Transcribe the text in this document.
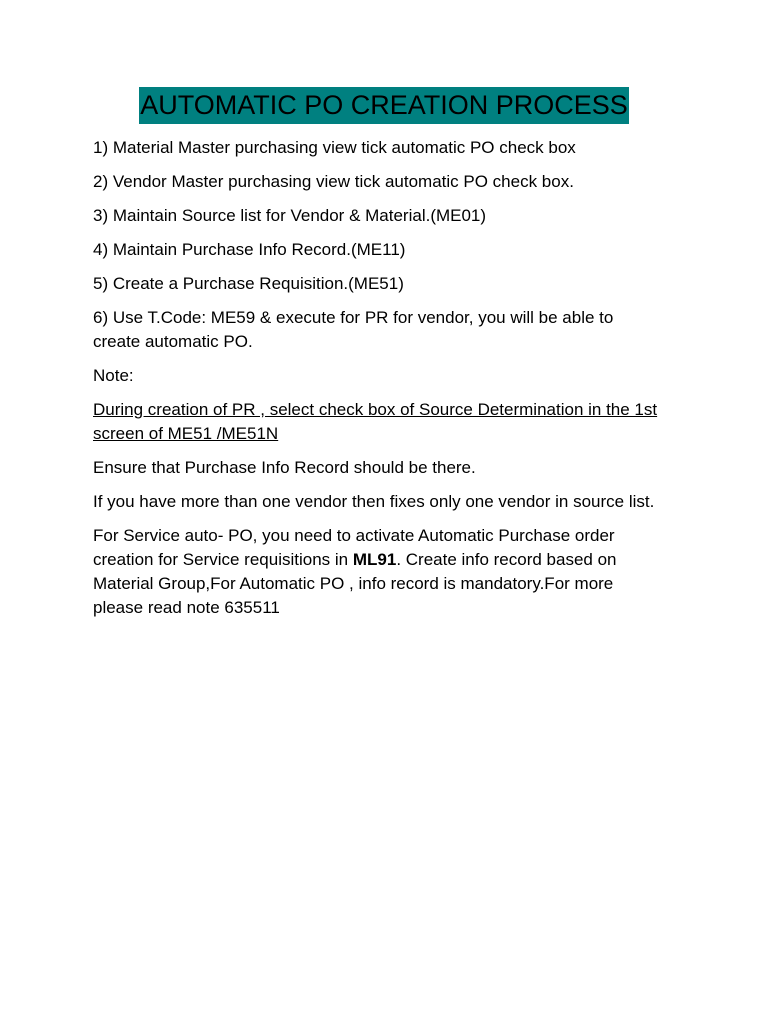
AUTOMATIC PO CREATION PROCESS

1) Material Master purchasing view tick automatic PO check box

2) Vendor Master purchasing view tick automatic PO check box.

3) Maintain Source list for Vendor & Material.(ME01)

4) Maintain Purchase Info Record.(ME11)

5) Create a Purchase Requisition.(ME51)

6) Use T.Code: ME59 & execute for PR for vendor, you will be able to create automatic PO.

Note:

During creation of PR , select check box of Source Determination in the 1st screen of ME51 /ME51N

Ensure that Purchase Info Record should be there.

If you have more than one vendor then fixes only one vendor in source list.

For Service auto- PO, you need to activate Automatic Purchase order creation for Service requisitions in ML91. Create info record based on Material Group,For Automatic PO , info record is mandatory.For more please read note 635511
